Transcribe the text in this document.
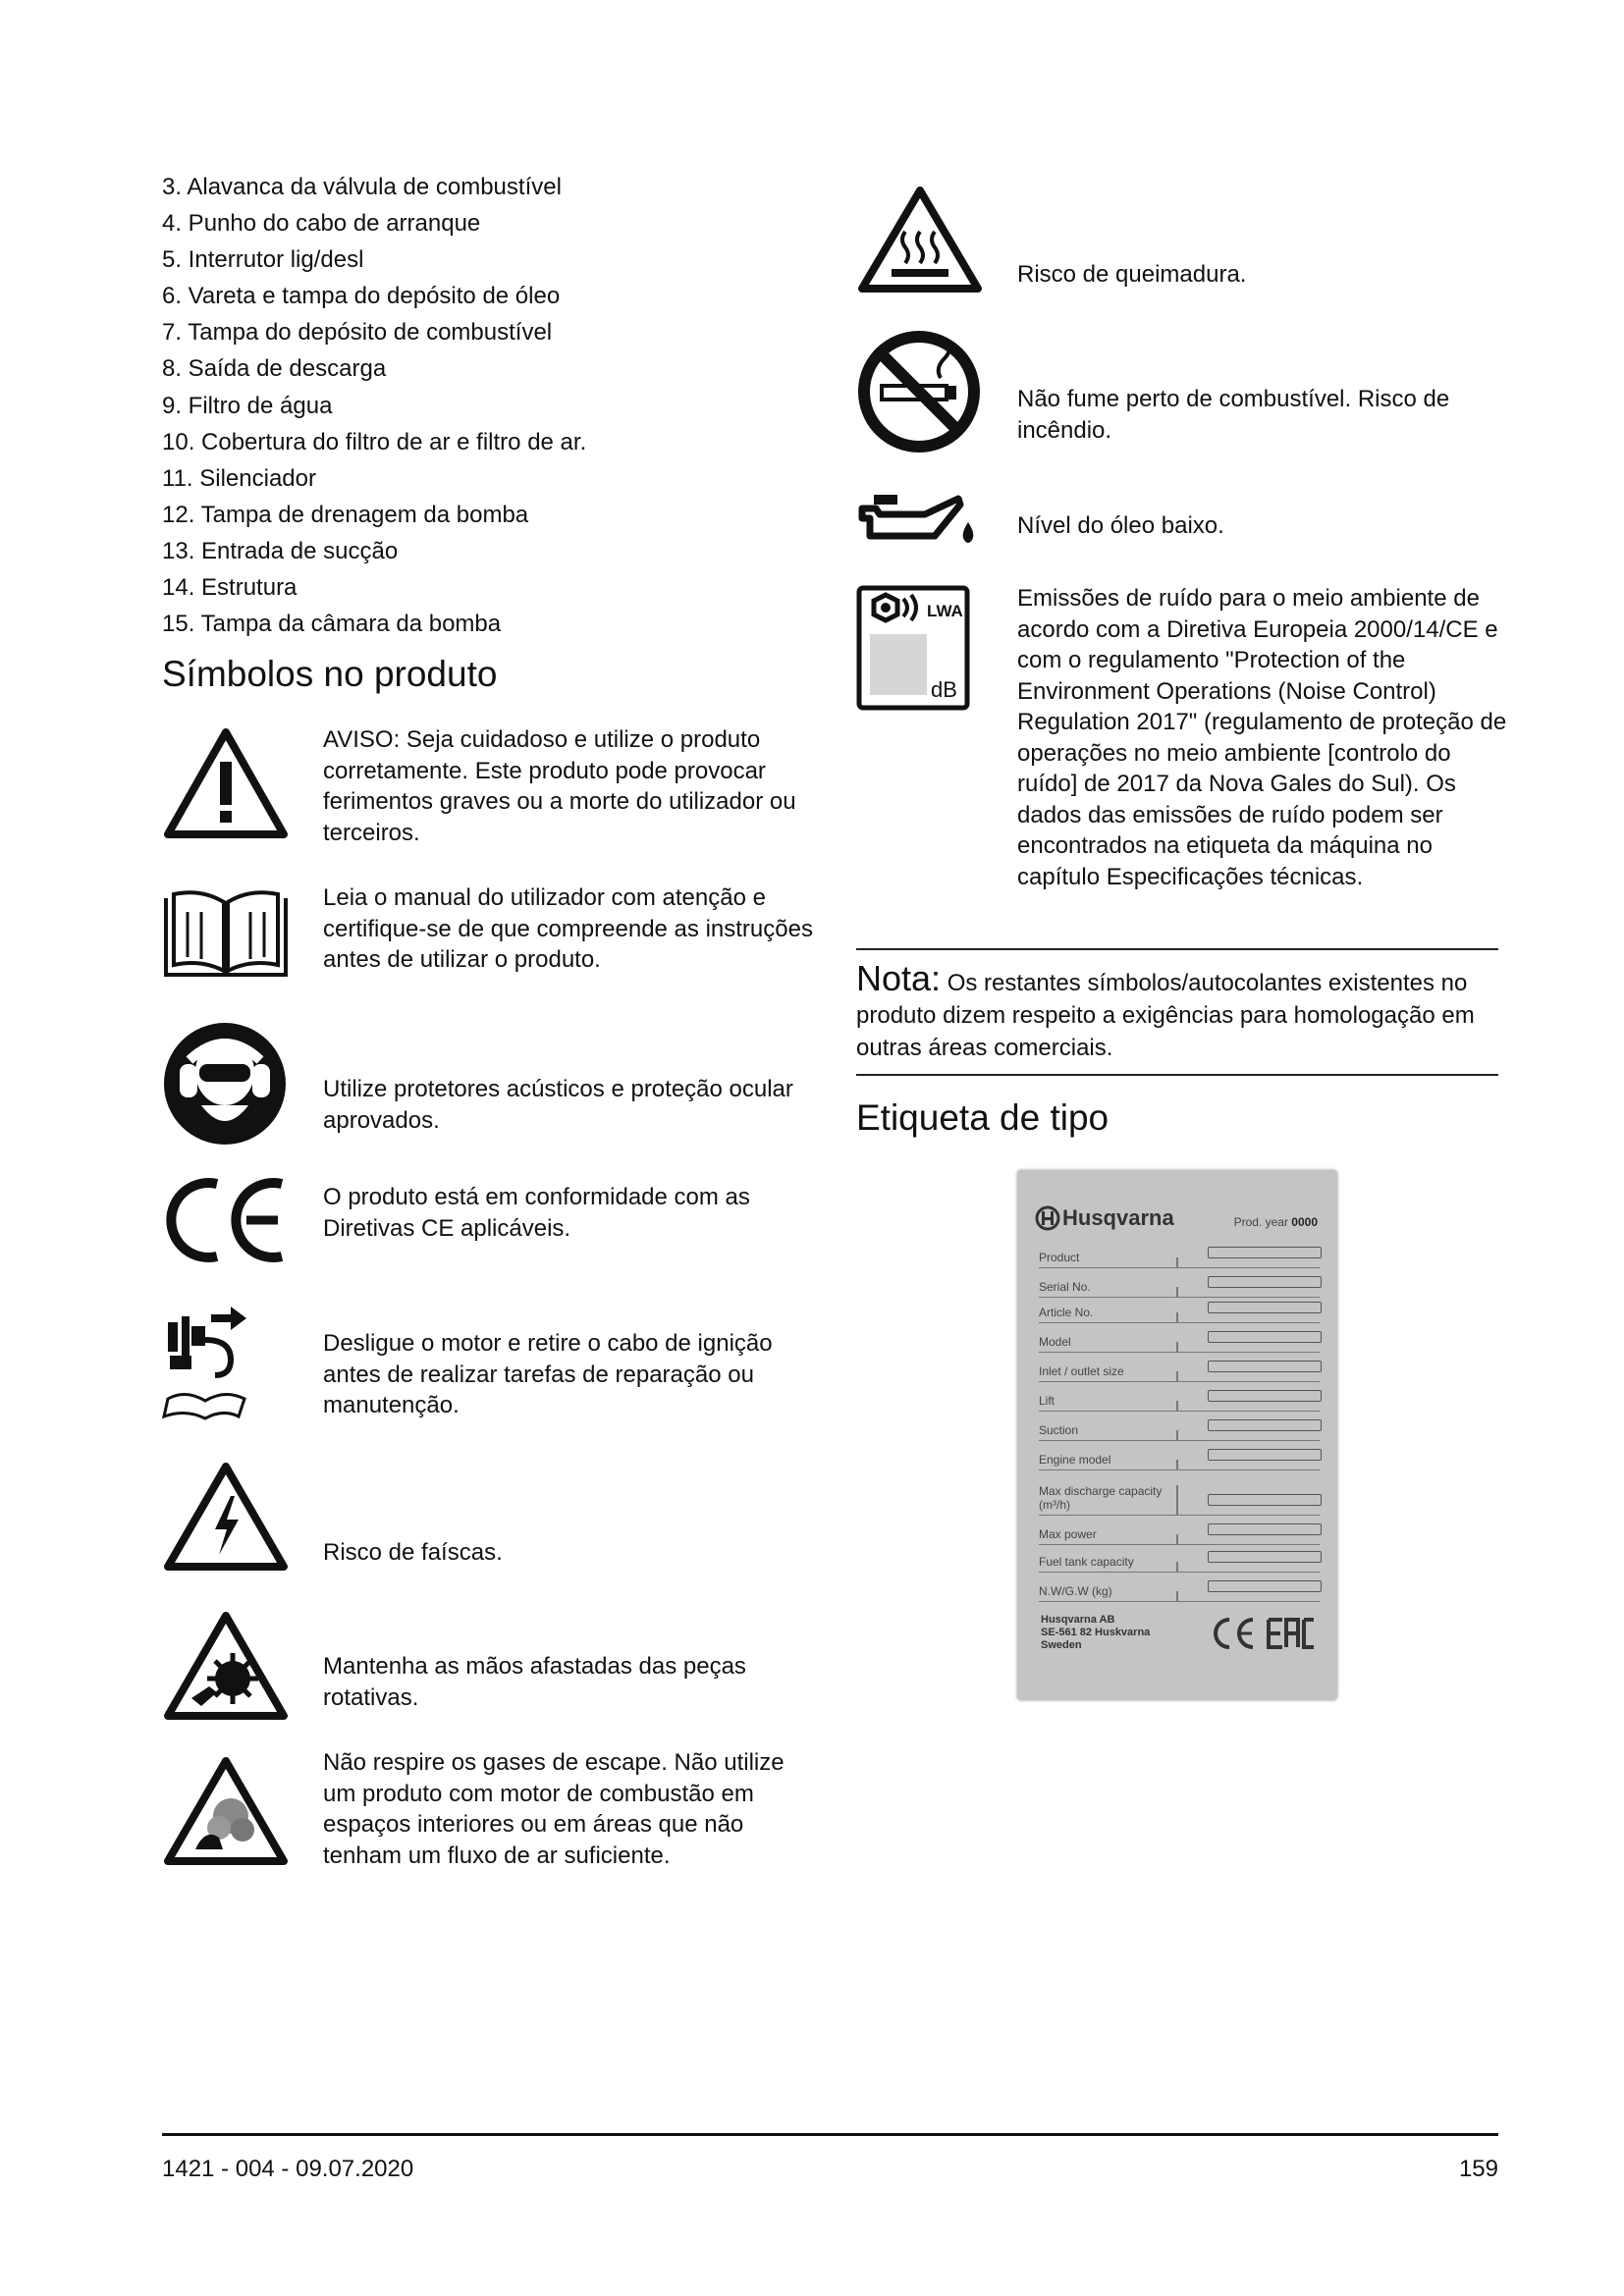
3. Alavanca da válvula de combustível
4. Punho do cabo de arranque
5. Interrutor lig/desl
6. Vareta e tampa do depósito de óleo
7. Tampa do depósito de combustível
8. Saída de descarga
9. Filtro de água
10. Cobertura do filtro de ar e filtro de ar.
11. Silenciador
12. Tampa de drenagem da bomba
13. Entrada de sucção
14. Estrutura
15. Tampa da câmara da bomba
Símbolos no produto
AVISO: Seja cuidadoso e utilize o produto corretamente. Este produto pode provocar ferimentos graves ou a morte do utilizador ou terceiros.
Leia o manual do utilizador com atenção e certifique-se de que compreende as instruções antes de utilizar o produto.
Utilize protetores acústicos e proteção ocular aprovados.
O produto está em conformidade com as Diretivas CE aplicáveis.
Desligue o motor e retire o cabo de ignição antes de realizar tarefas de reparação ou manutenção.
Risco de faíscas.
Mantenha as mãos afastadas das peças rotativas.
Não respire os gases de escape. Não utilize um produto com motor de combustão em espaços interiores ou em áreas que não tenham um fluxo de ar suficiente.
Risco de queimadura.
Não fume perto de combustível. Risco de incêndio.
Nível do óleo baixo.
LWA
dB
Emissões de ruído para o meio ambiente de acordo com a Diretiva Europeia 2000/14/CE e com o regulamento "Protection of the Environment Operations (Noise Control) Regulation 2017" (regulamento de proteção de operações no meio ambiente [controlo do ruído] de 2017 da Nova Gales do Sul). Os dados das emissões de ruído podem ser encontrados na etiqueta da máquina no capítulo Especificações técnicas.
Nota: Os restantes símbolos/autocolantes existentes no produto dizem respeito a exigências para homologação em outras áreas comerciais.
Etiqueta de tipo
Husqvarna	Prod. year 0000
Product
Serial No.
Article No.
Model
Inlet / outlet size
Lift
Suction
Engine model
Max discharge capacity (m³/h)
Max power
Fuel tank capacity
N.W/G.W (kg)
Husqvarna AB
SE-561 82 Huskvarna
Sweden
1421 - 004 - 09.07.2020	159
